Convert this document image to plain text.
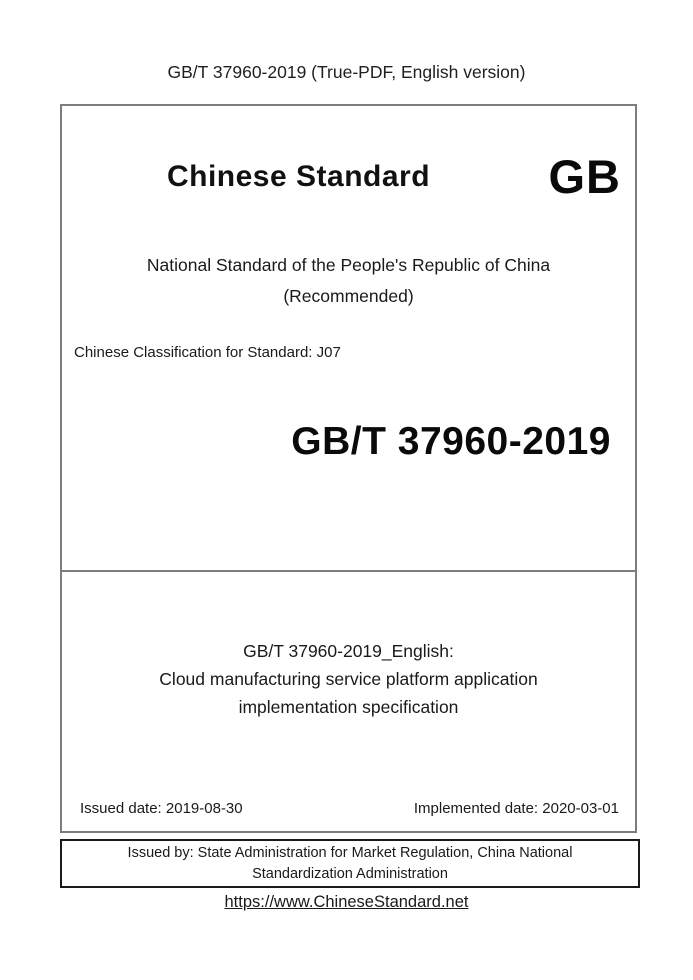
GB/T 37960-2019 (True-PDF, English version)
Chinese Standard	GB
National Standard of the People's Republic of China
(Recommended)
Chinese Classification for Standard: J07
GB/T 37960-2019
GB/T 37960-2019_English:
Cloud manufacturing service platform application
implementation specification
Issued date: 2019-08-30	Implemented date: 2020-03-01
Issued by: State Administration for Market Regulation, China National Standardization Administration
https://www.ChineseStandard.net
